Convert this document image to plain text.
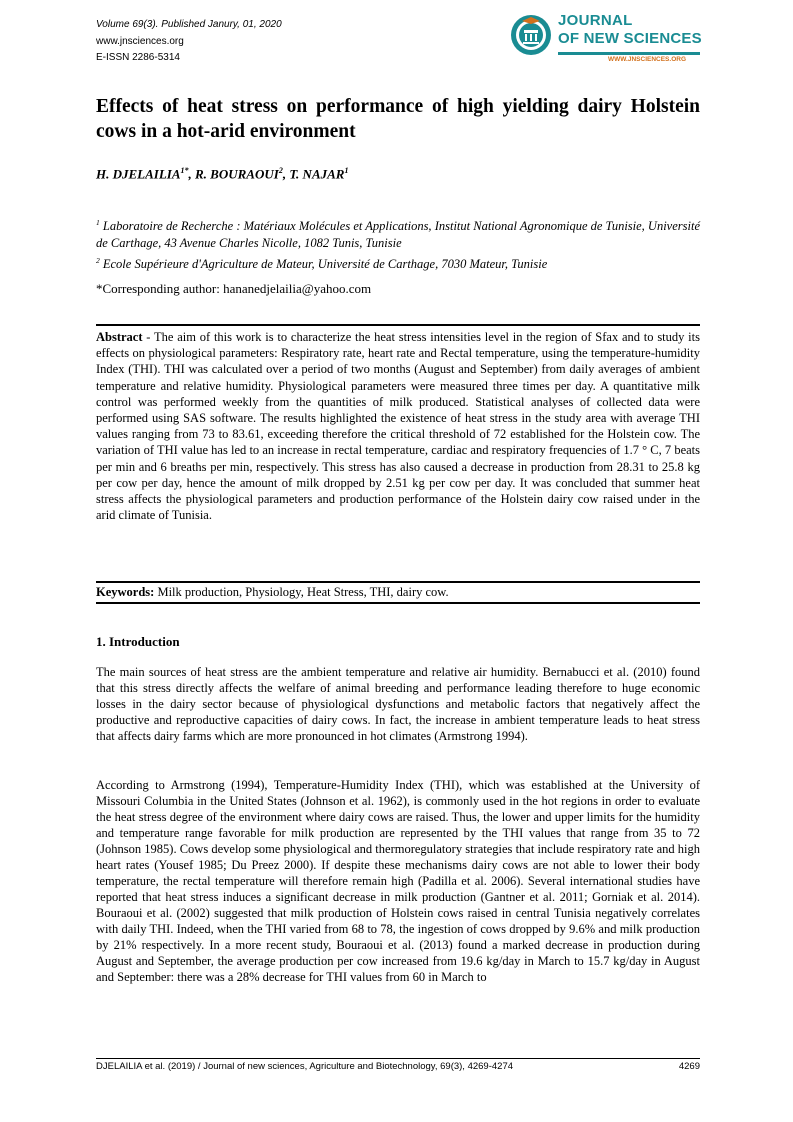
Volume 69(3). Published Janury, 01, 2020
www.jnsciences.org
E-ISSN 2286-5314
JOURNAL
OF NEW SCIENCES
WWW.JNSCIENCES.ORG
Effects of heat stress on performance of high yielding dairy Holstein cows in a hot-arid environment
H. $DJELAILIA^{1*}$, R. BOURAOUI$^2$, T. NAJAR$^1$

$^1$ Laboratoire de Recherche : Matériaux Molécules et Applications, Institut National Agronomique de Tunisie, Université de Carthage, 43 Avenue Charles Nicolle, 1082 Tunis, Tunisie

$^2$ Ecole Supérieure d'Agriculture de Mateur, Université de Carthage, 7030 Mateur, Tunisie

*Corresponding author: hananedjelailia@yahoo.com

Abstract - The aim of this work is to characterize the heat stress intensities level in the region of Sfax and to study its effects on physiological parameters: Respiratory rate, heart rate and Rectal temperature, using the temperature-humidity Index (THI). THI was calculated over a period of two months (August and September) from daily averages of ambient temperature and relative humidity. Physiological parameters were measured three times per day. A quantitative milk control was performed weekly from the quantities of milk produced. Statistical analyses of collected data were performed using SAS software. The results highlighted the existence of heat stress in the study area with average THI values ranging from 73 to 83.61, exceeding therefore the critical threshold of 72 established for the Holstein cow. The variation of THI value has led to an increase in rectal temperature, cardiac and respiratory frequencies of 1.7 ° C, 7 beats per min and 6 breaths per min, respectively. This stress has also caused a decrease in production from 28.31 to 25.8 kg per cow per day, hence the amount of milk dropped by 2.51 kg per cow per day. It was concluded that summer heat stress affects the physiological parameters and production performance of the Holstein dairy cow raised under in the arid climate of Tunisia.

Keywords: Milk production, Physiology, Heat Stress, THI, dairy cow.
1. Introduction

The main sources of heat stress are the ambient temperature and relative air humidity. Bernabucci et al. (2010) found that this stress directly affects the welfare of animal breeding and performance leading therefore to huge economic losses in the dairy sector because of physiological dysfunctions and metabolic factors that negatively affect the productive and reproductive capacities of dairy cows. In fact, the increase in ambient temperature leads to heat stress that affects dairy farms which are more pronounced in hot climates (Armstrong 1994).

According to Armstrong (1994), Temperature-Humidity Index (THI), which was established at the University of Missouri Columbia in the United States (Johnson et al. 1962), is commonly used in the hot regions in order to evaluate the heat stress degree of the environment where dairy cows are raised. Thus, the lower and upper limits for the humidity and temperature range favorable for milk production are represented by the THI values that range from 35 to 72 (Johnson 1985). Cows develop some physiological and thermoregulatory strategies that include respiratory rate and high heart rates (Yousef 1985; Du Preez 2000). If despite these mechanisms dairy cows are not able to lower their body temperature, the rectal temperature will therefore remain high (Padilla et al. 2006). Several international studies have reported that heat stress induces a significant decrease in milk production (Gantner et al. 2011; Gorniak et al. 2014). Bouraoui et al. (2002) suggested that milk production of Holstein cows raised in central Tunisia negatively correlates with daily THI. Indeed, when the THI varied from 68 to 78, the ingestion of cows dropped by 9.6% and milk production by 21% respectively. In a more recent study, Bouraoui et al. (2013) found a marked decrease in production during August and September, the average production per cow increased from 19.6 kg/day in March to 15.7 kg/day in August and September: there was a 28% decrease for THI values from 60 in March to

DJELAILIA et al. (2019) / Journal of new sciences, Agriculture and Biotechnology, 69(3), 4269-4274	4269
